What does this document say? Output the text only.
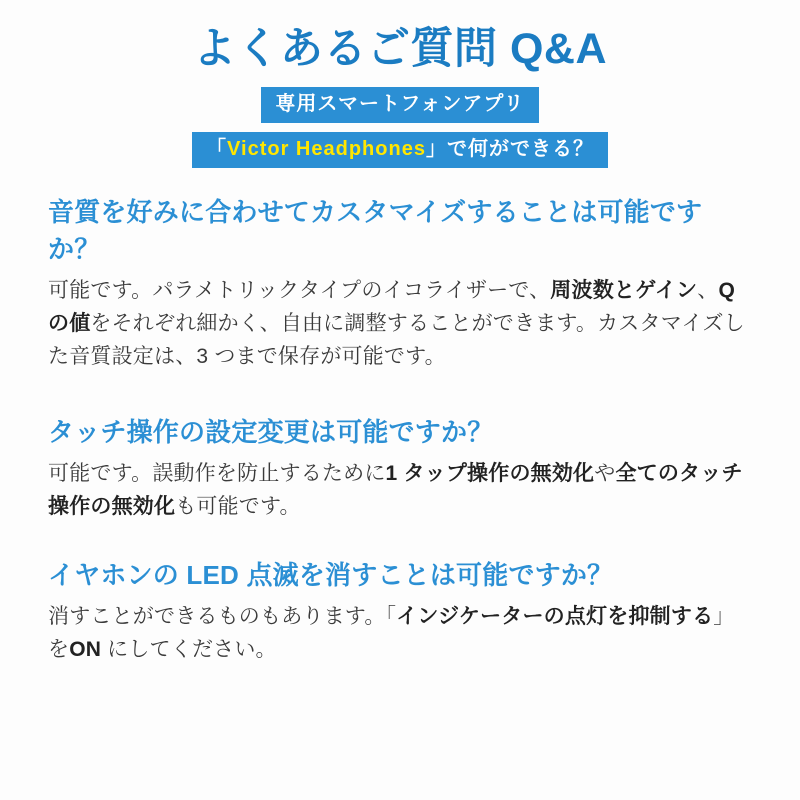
よくあるご質問 Q&A
専用スマートフォンアプリ
「Victor Headphones」で何ができる？

音質を好みに合わせてカスタマイズすることは可能ですか？

可能です。パラメトリックタイプのイコライザーで、周波数とゲイン、Q の値をそれぞれ細かく、自由に調整することができます。カスタマイズした音質設定は、3 つまで保存が可能です。

タッチ操作の設定変更は可能ですか？

可能です。誤動作を防止するために1 タップ操作の無効化や全てのタッチ操作の無効化も可能です。

イヤホンの LED 点滅を消すことは可能ですか？

消すことができるものもあります。「インジケーターの点灯を抑制する」をON にしてください。
